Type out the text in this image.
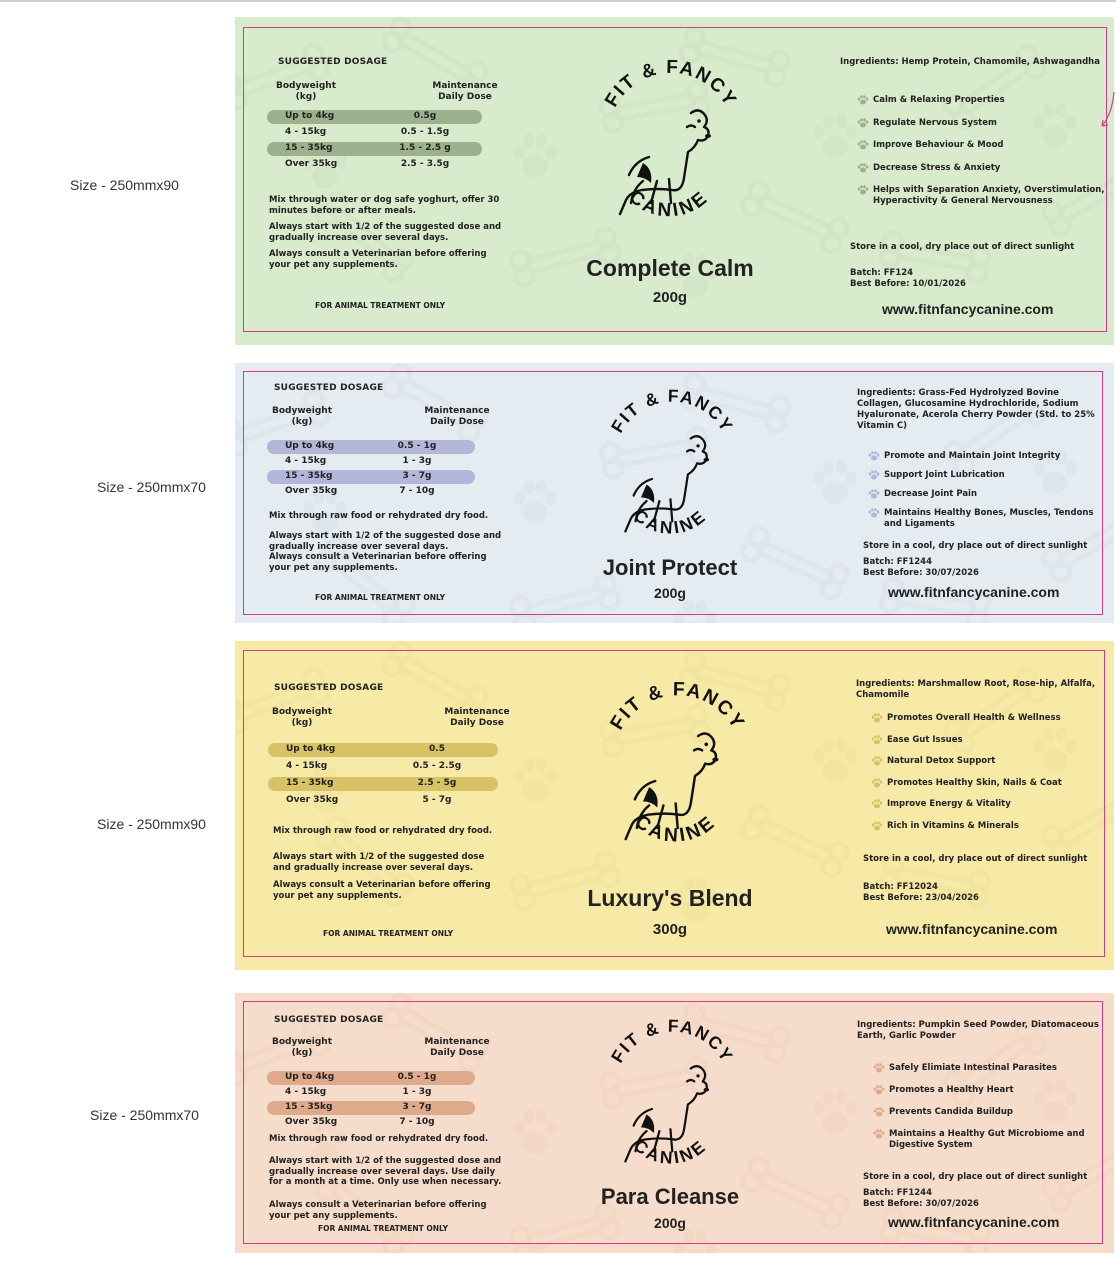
Size - 250mmx90
SUGGESTED DOSAGE
Bodyweight
(kg)
Maintenance
Daily Dose
Up to 4kg	0.5g
4 - 15kg	0.5 - 1.5g
15 - 35kg	1.5 - 2.5 g
Over 35kg	2.5 - 3.5g
Mix through water or dog safe yoghurt, offer 30
minutes before or after meals.
Always start with 1/2 of the suggested dose and
gradually increase over several days.
Always consult a Veterinarian before offering
your pet any supplements.
FOR ANIMAL TREATMENT ONLY
FIT & FANCY
CANINE
Complete Calm
200g
Ingredients: Hemp Protein, Chamomile, Ashwagandha
Calm & Relaxing Properties
Regulate Nervous System
Improve Behaviour & Mood
Decrease Stress & Anxiety
Helps with Separation Anxiety, Overstimulation,
Hyperactivity & General Nervousness
Store in a cool, dry place out of direct sunlight
Batch: FF124
Best Before: 10/01/2026
www.fitnfancycanine.com
Size - 250mmx70
SUGGESTED DOSAGE
Bodyweight
(kg)
Maintenance
Daily Dose
Up to 4kg	0.5 - 1g
4 - 15kg	1 - 3g
15 - 35kg	3 - 7g
Over 35kg	7 - 10g
Mix through raw food or rehydrated dry food.
Always start with 1/2 of the suggested dose and
gradually increase over several days.
Always consult a Veterinarian before offering
your pet any supplements.
FOR ANIMAL TREATMENT ONLY
FIT & FANCY
CANINE
Joint Protect
200g
Ingredients: Grass-Fed Hydrolyzed Bovine
Collagen, Glucosamine Hydrochloride, Sodium
Hyaluronate, Acerola Cherry Powder (Std. to 25%
Vitamin C)
Promote and Maintain Joint Integrity
Support Joint Lubrication
Decrease Joint Pain
Maintains Healthy Bones, Muscles, Tendons
and Ligaments
Store in a cool, dry place out of direct sunlight
Batch: FF1244
Best Before: 30/07/2026
www.fitnfancycanine.com
Size - 250mmx90
SUGGESTED DOSAGE
Bodyweight
(kg)
Maintenance
Daily Dose
Up to 4kg	0.5
4 - 15kg	0.5 - 2.5g
15 - 35kg	2.5 - 5g
Over 35kg	5 - 7g
Mix through raw food or rehydrated dry food.
Always start with 1/2 of the suggested dose
and gradually increase over several days.
Always consult a Veterinarian before offering
your pet any supplements.
FOR ANIMAL TREATMENT ONLY
FIT & FANCY
CANINE
Luxury's Blend
300g
Ingredients: Marshmallow Root, Rose-hip, Alfalfa,
Chamomile
Promotes Overall Health & Wellness
Ease Gut Issues
Natural Detox Support
Promotes Healthy Skin, Nails & Coat
Improve Energy & Vitality
Rich in Vitamins & Minerals
Store in a cool, dry place out of direct sunlight
Batch: FF12024
Best Before: 23/04/2026
www.fitnfancycanine.com
Size - 250mmx70
SUGGESTED DOSAGE
Bodyweight
(kg)
Maintenance
Daily Dose
Up to 4kg	0.5 - 1g
4 - 15kg	1 - 3g
15 - 35kg	3 - 7g
Over 35kg	7 - 10g
Mix through raw food or rehydrated dry food.
Always start with 1/2 of the suggested dose and
gradually increase over several days. Use daily
for a month at a time. Only use when necessary.
Always consult a Veterinarian before offering
your pet any supplements.
FOR ANIMAL TREATMENT ONLY
FIT & FANCY
CANINE
Para Cleanse
200g
Ingredients: Pumpkin Seed Powder, Diatomaceous
Earth, Garlic Powder
Safely Elimiate Intestinal Parasites
Promotes a Healthy Heart
Prevents Candida Buildup
Maintains a Healthy Gut Microbiome and
Digestive System
Store in a cool, dry place out of direct sunlight
Batch: FF1244
Best Before: 30/07/2026
www.fitnfancycanine.com
